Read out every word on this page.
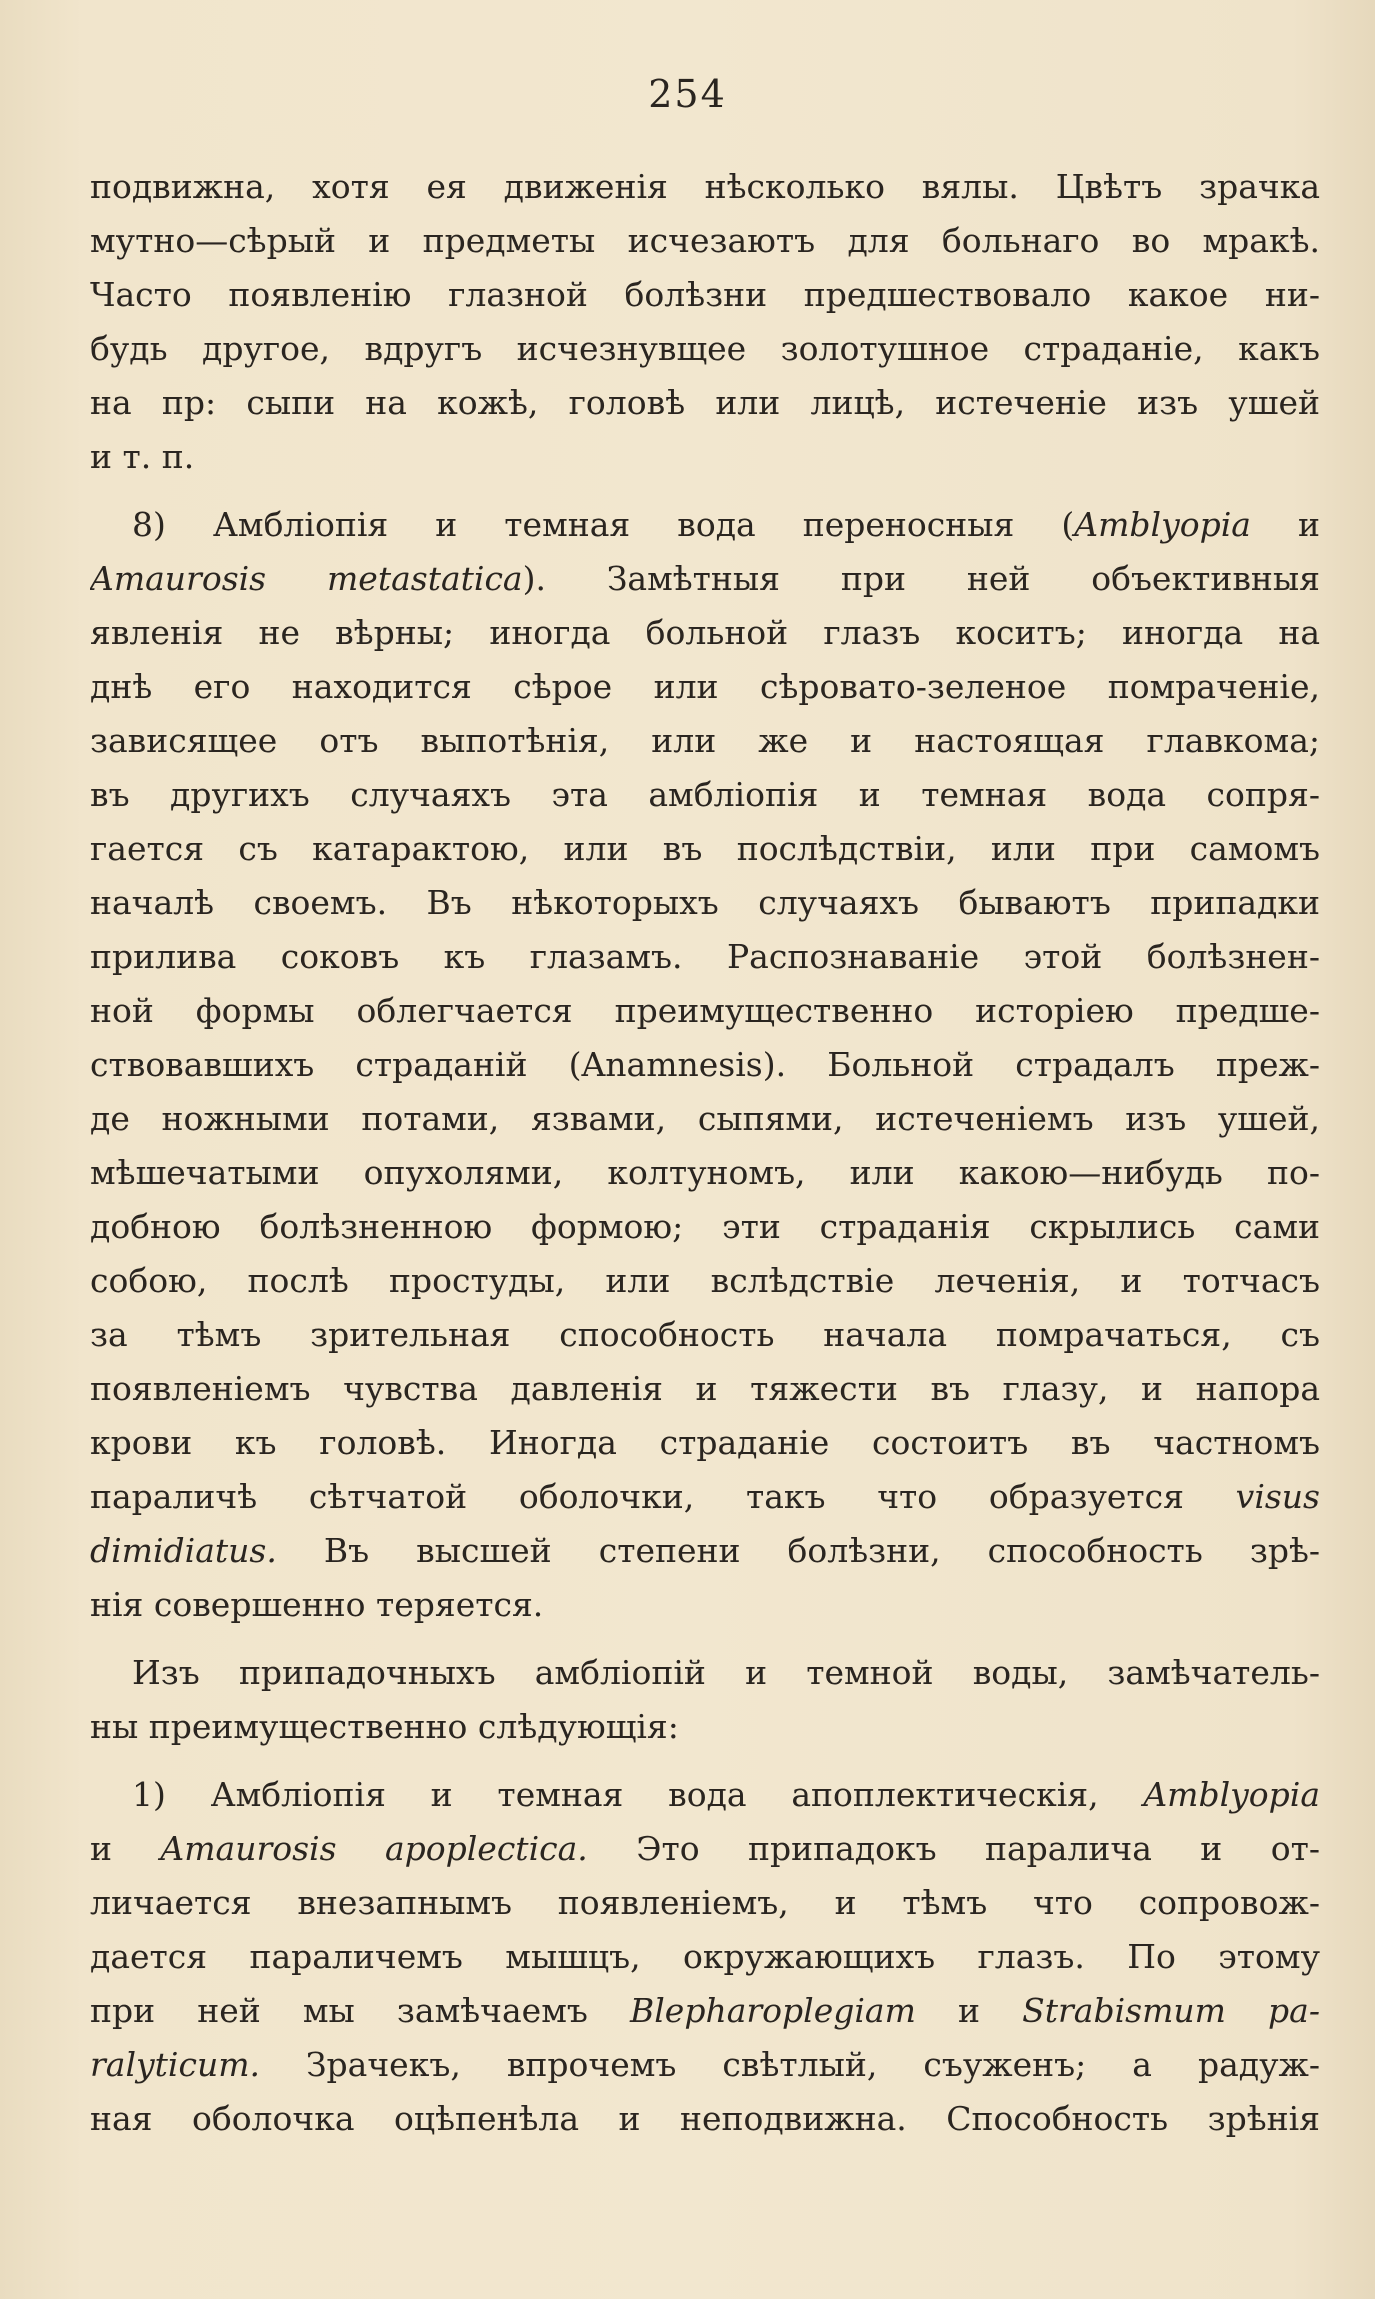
254
подвижна, хотя ея движенія нѣсколько вялы. Цвѣтъ зрачка
мутно—сѣрый и предметы исчезаютъ для больнаго во мракѣ.
Часто появленію глазной болѣзни предшествовало какое ни-
будь другое, вдругъ исчезнувщее золотушное страданіе, какъ
на пр: сыпи на кожѣ, головѣ или лицѣ, истеченіе изъ ушей
и т. п.
8) Амбліопія и темная вода переносныя (Amblyopia и
Amaurosis metastatica). Замѣтныя при ней объективныя
явленія не вѣрны; иногда больной глазъ коситъ; иногда на
днѣ его находится сѣрое или сѣровато-зеленое помраченіе,
зависящее отъ выпотѣнія, или же и настоящая главкома;
въ другихъ случаяхъ эта амбліопія и темная вода сопря-
гается съ катарактою, или въ послѣдствіи, или при самомъ
началѣ своемъ. Въ нѣкоторыхъ случаяхъ бываютъ припадки
прилива соковъ къ глазамъ. Распознаваніе этой болѣзнен-
ной формы облегчается преимущественно исторіею предше-
ствовавшихъ страданій (Anamnesis). Больной страдалъ преж-
де ножными потами, язвами, сыпями, истеченіемъ изъ ушей,
мѣшечатыми опухолями, колтуномъ, или какою—нибудь по-
добною болѣзненною формою; эти страданія скрылись сами
собою, послѣ простуды, или вслѣдствіе леченія, и тотчасъ
за тѣмъ зрительная способность начала помрачаться, съ
появленіемъ чувства давленія и тяжести въ глазу, и напора
крови къ головѣ. Иногда страданіе состоитъ въ частномъ
параличѣ сѣтчатой оболочки, такъ что образуется visus
dimidiatus. Въ высшей степени болѣзни, способность зрѣ-
нія совершенно теряется.
Изъ припадочныхъ амбліопій и темной воды, замѣчатель-
ны преимущественно слѣдующія:
1) Амбліопія и темная вода апоплектическія, Amblyopia
и Amaurosis apoplectica. Это припадокъ паралича и от-
личается внезапнымъ появленіемъ, и тѣмъ что сопровож-
дается параличемъ мышцъ, окружающихъ глазъ. По этому
при ней мы замѣчаемъ Blepharoplegiam и Strabismum pa-
ralyticum. Зрачекъ, впрочемъ свѣтлый, съуженъ; а радуж-
ная оболочка оцѣпенѣла и неподвижна. Способность зрѣнія
